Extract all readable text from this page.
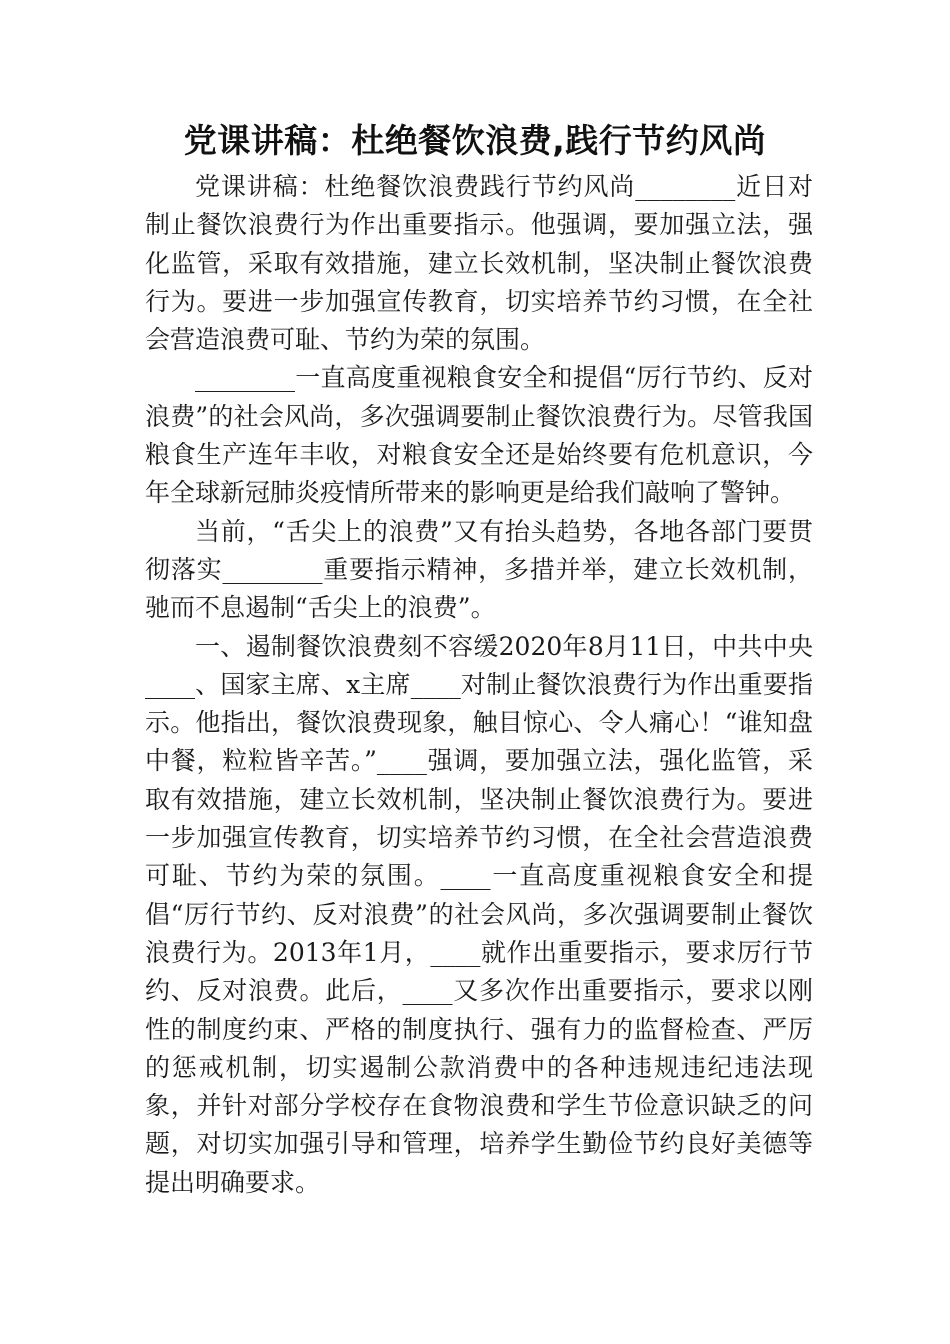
党课讲稿：杜绝餐饮浪费,践行节约风尚

党课讲稿：杜绝餐饮浪费践行节约风尚________近日对制止餐饮浪费行为作出重要指示。他强调，要加强立法，强化监管，采取有效措施，建立长效机制，坚决制止餐饮浪费行为。要进一步加强宣传教育，切实培养节约习惯，在全社会营造浪费可耻、节约为荣的氛围。

________一直高度重视粮食安全和提倡“厉行节约、反对浪费”的社会风尚，多次强调要制止餐饮浪费行为。尽管我国粮食生产连年丰收，对粮食安全还是始终要有危机意识，今年全球新冠肺炎疫情所带来的影响更是给我们敲响了警钟。

当前，“舌尖上的浪费”又有抬头趋势，各地各部门要贯彻落实________重要指示精神，多措并举，建立长效机制，驰而不息遏制“舌尖上的浪费”。

一、遏制餐饮浪费刻不容缓2020年8月11日，中共中央____、国家主席、x主席____对制止餐饮浪费行为作出重要指示。他指出，餐饮浪费现象，触目惊心、令人痛心！“谁知盘中餐，粒粒皆辛苦。”____强调，要加强立法，强化监管，采取有效措施，建立长效机制，坚决制止餐饮浪费行为。要进一步加强宣传教育，切实培养节约习惯，在全社会营造浪费可耻、节约为荣的氛围。____一直高度重视粮食安全和提倡“厉行节约、反对浪费”的社会风尚，多次强调要制止餐饮浪费行为。2013年1月，____就作出重要指示，要求厉行节约、反对浪费。此后，____又多次作出重要指示，要求以刚性的制度约束、严格的制度执行、强有力的监督检查、严厉的惩戒机制，切实遏制公款消费中的各种违规违纪违法现象，并针对部分学校存在食物浪费和学生节俭意识缺乏的问题，对切实加强引导和管理，培养学生勤俭节约良好美德等提出明确要求。
